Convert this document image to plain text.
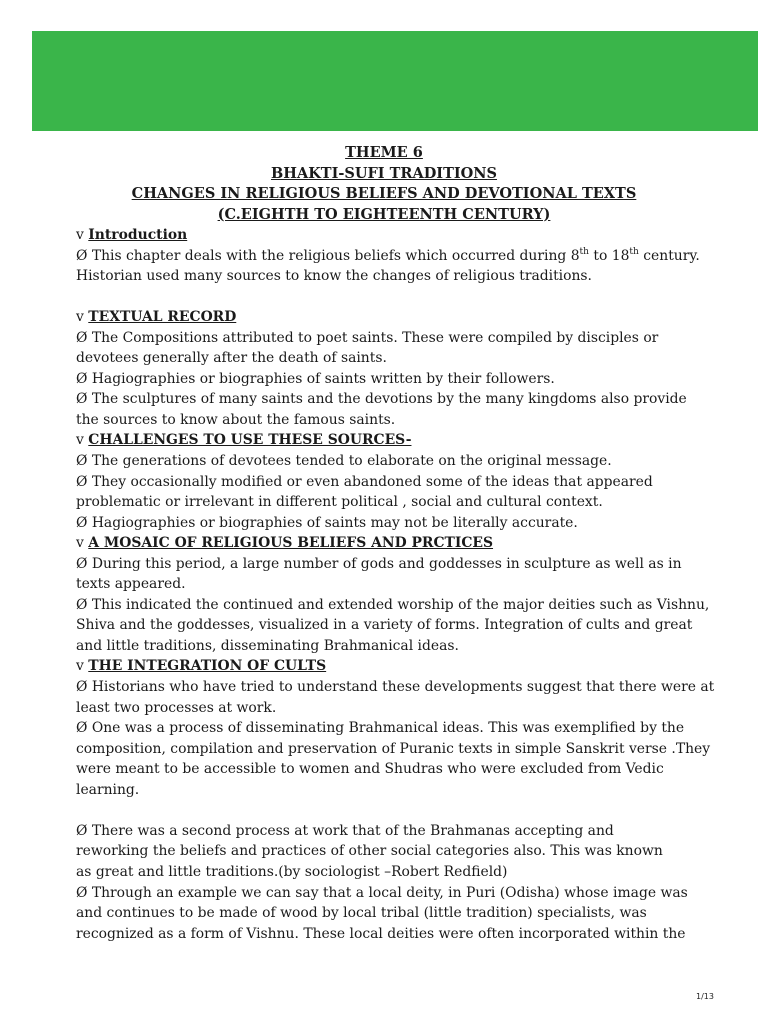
THEME 6
BHAKTI-SUFI TRADITIONS
CHANGES IN RELIGIOUS BELIEFS AND DEVOTIONAL TEXTS
(C.EIGHTH TO EIGHTEENTH CENTURY)
v Introduction
Ø This chapter deals with the religious beliefs which occurred during 8th to 18th century.
Historian used many sources to know the changes of religious traditions.
v TEXTUAL RECORD
Ø The Compositions attributed to poet saints. These were compiled by disciples or
devotees generally after the death of saints.
Ø Hagiographies or biographies of saints written by their followers.
Ø The sculptures of many saints and the devotions by the many kingdoms also provide
the sources to know about the famous saints.
v CHALLENGES TO USE THESE SOURCES-
Ø The generations of devotees tended to elaborate on the original message.
Ø They occasionally modified or even abandoned some of the ideas that appeared
problematic or irrelevant in different political , social and cultural context.
Ø Hagiographies or biographies of saints may not be literally accurate.
v A MOSAIC OF RELIGIOUS BELIEFS AND PRCTICES
Ø During this period, a large number of gods and goddesses in sculpture as well as in
texts appeared.
Ø This indicated the continued and extended worship of the major deities such as Vishnu,
Shiva and the goddesses, visualized in a variety of forms. Integration of cults and great
and little traditions, disseminating Brahmanical ideas.
v THE INTEGRATION OF CULTS
Ø Historians who have tried to understand these developments suggest that there were at
least two processes at work.
Ø One was a process of disseminating Brahmanical ideas. This was exemplified by the
composition, compilation and preservation of Puranic texts in simple Sanskrit verse .They
were meant to be accessible to women and Shudras who were excluded from Vedic
learning.
Ø There was a second process at work that of the Brahmanas accepting and
reworking the beliefs and practices of other social categories also. This was known
as great and little traditions.(by sociologist –Robert Redfield)
Ø Through an example we can say that a local deity, in Puri (Odisha) whose image was
and continues to be made of wood by local tribal (little tradition) specialists, was
recognized as a form of Vishnu. These local deities were often incorporated within the
1/13
